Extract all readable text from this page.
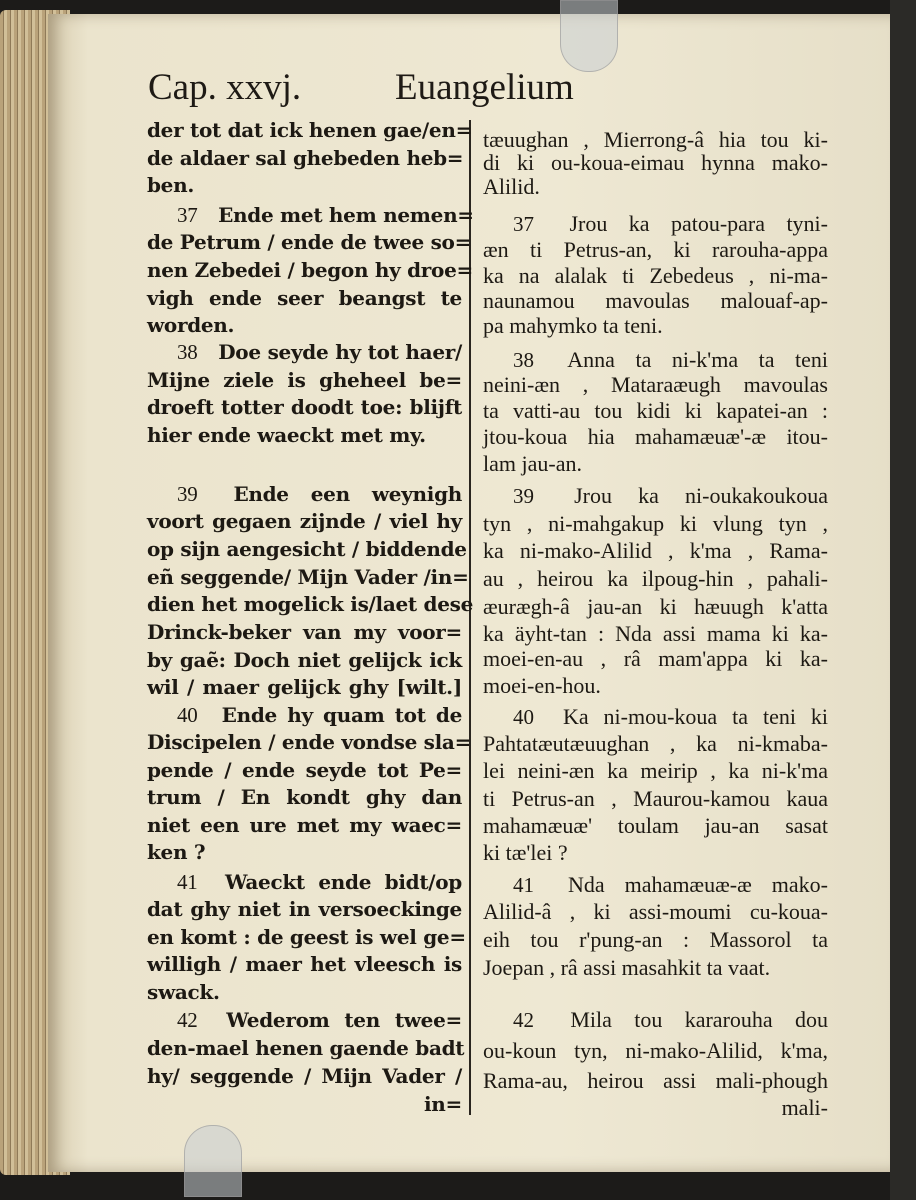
Cap. xxvj.	Euangelium
der tot dat ick henen gae/en=
de aldaer sal ghebeden heb=
ben.
37 Ende met hem nemen=
de Petrum / ende de twee so=
nen Zebedei / begon hy droe=
vigh ende seer beangst te
worden.
38 Doe seyde hy tot haer/
Mijne ziele is gheheel be=
droeft totter doodt toe: blijft
hier ende waeckt met my.
39 Ende een weynigh
voort gegaen zijnde / viel hy
op sijn aengesicht / biddende
eñ seggende/ Mijn Vader /in=
dien het mogelick is/laet dese
Drinck-beker van my voor=
by gaẽ: Doch niet gelijck ick
wil / maer gelijck ghy [wilt.]
40 Ende hy quam tot de
Discipelen / ende vondse sla=
pende / ende seyde tot Pe=
trum / En kondt ghy dan
niet een ure met my waec=
ken ?
41 Waeckt ende bidt/op
dat ghy niet in versoeckinge
en komt : de geest is wel ge=
willigh / maer het vleesch is
swack.
42 Wederom ten twee=
den-mael henen gaende badt
hy/ seggende / Mijn Vader /
in=
tæuughan , Mierrong-â hia tou ki-
di ki ou-koua-eimau hynna mako-
Alilid.
37 Jrou ka patou-para tyni-
æn ti Petrus-an, ki rarouha-appa
ka na alalak ti Zebedeus , ni-ma-
naunamou mavoulas malouaf-ap-
pa mahymko ta teni.
38 Anna ta ni-k'ma ta teni
neini-æn , Mataraæugh mavoulas
ta vatti-au tou kidi ki kapatei-an :
jtou-koua hia mahamæuæ'-æ itou-
lam jau-an.
39 Jrou ka ni-oukakoukoua
tyn , ni-mahgakup ki vlung tyn ,
ka ni-mako-Alilid , k'ma , Rama-
au , heirou ka ilpoug-hin , pahali-
æurægh-â jau-an ki hæuugh k'atta
ka äyht-tan : Nda assi mama ki ka-
moei-en-au , râ mam'appa ki ka-
moei-en-hou.
40 Ka ni-mou-koua ta teni ki
Pahtatæutæuughan , ka ni-kmaba-
lei neini-æn ka meirip , ka ni-k'ma
ti Petrus-an , Maurou-kamou kaua
mahamæuæ' toulam jau-an sasat
ki tæ'lei ?
41 Nda mahamæuæ-æ mako-
Alilid-â , ki assi-moumi cu-koua-
eih tou r'pung-an : Massorol ta
Joepan , râ assi masahkit ta vaat.
42 Mila tou kararouha dou
ou-koun tyn, ni-mako-Alilid, k'ma,
Rama-au, heirou assi mali-phough
mali-
